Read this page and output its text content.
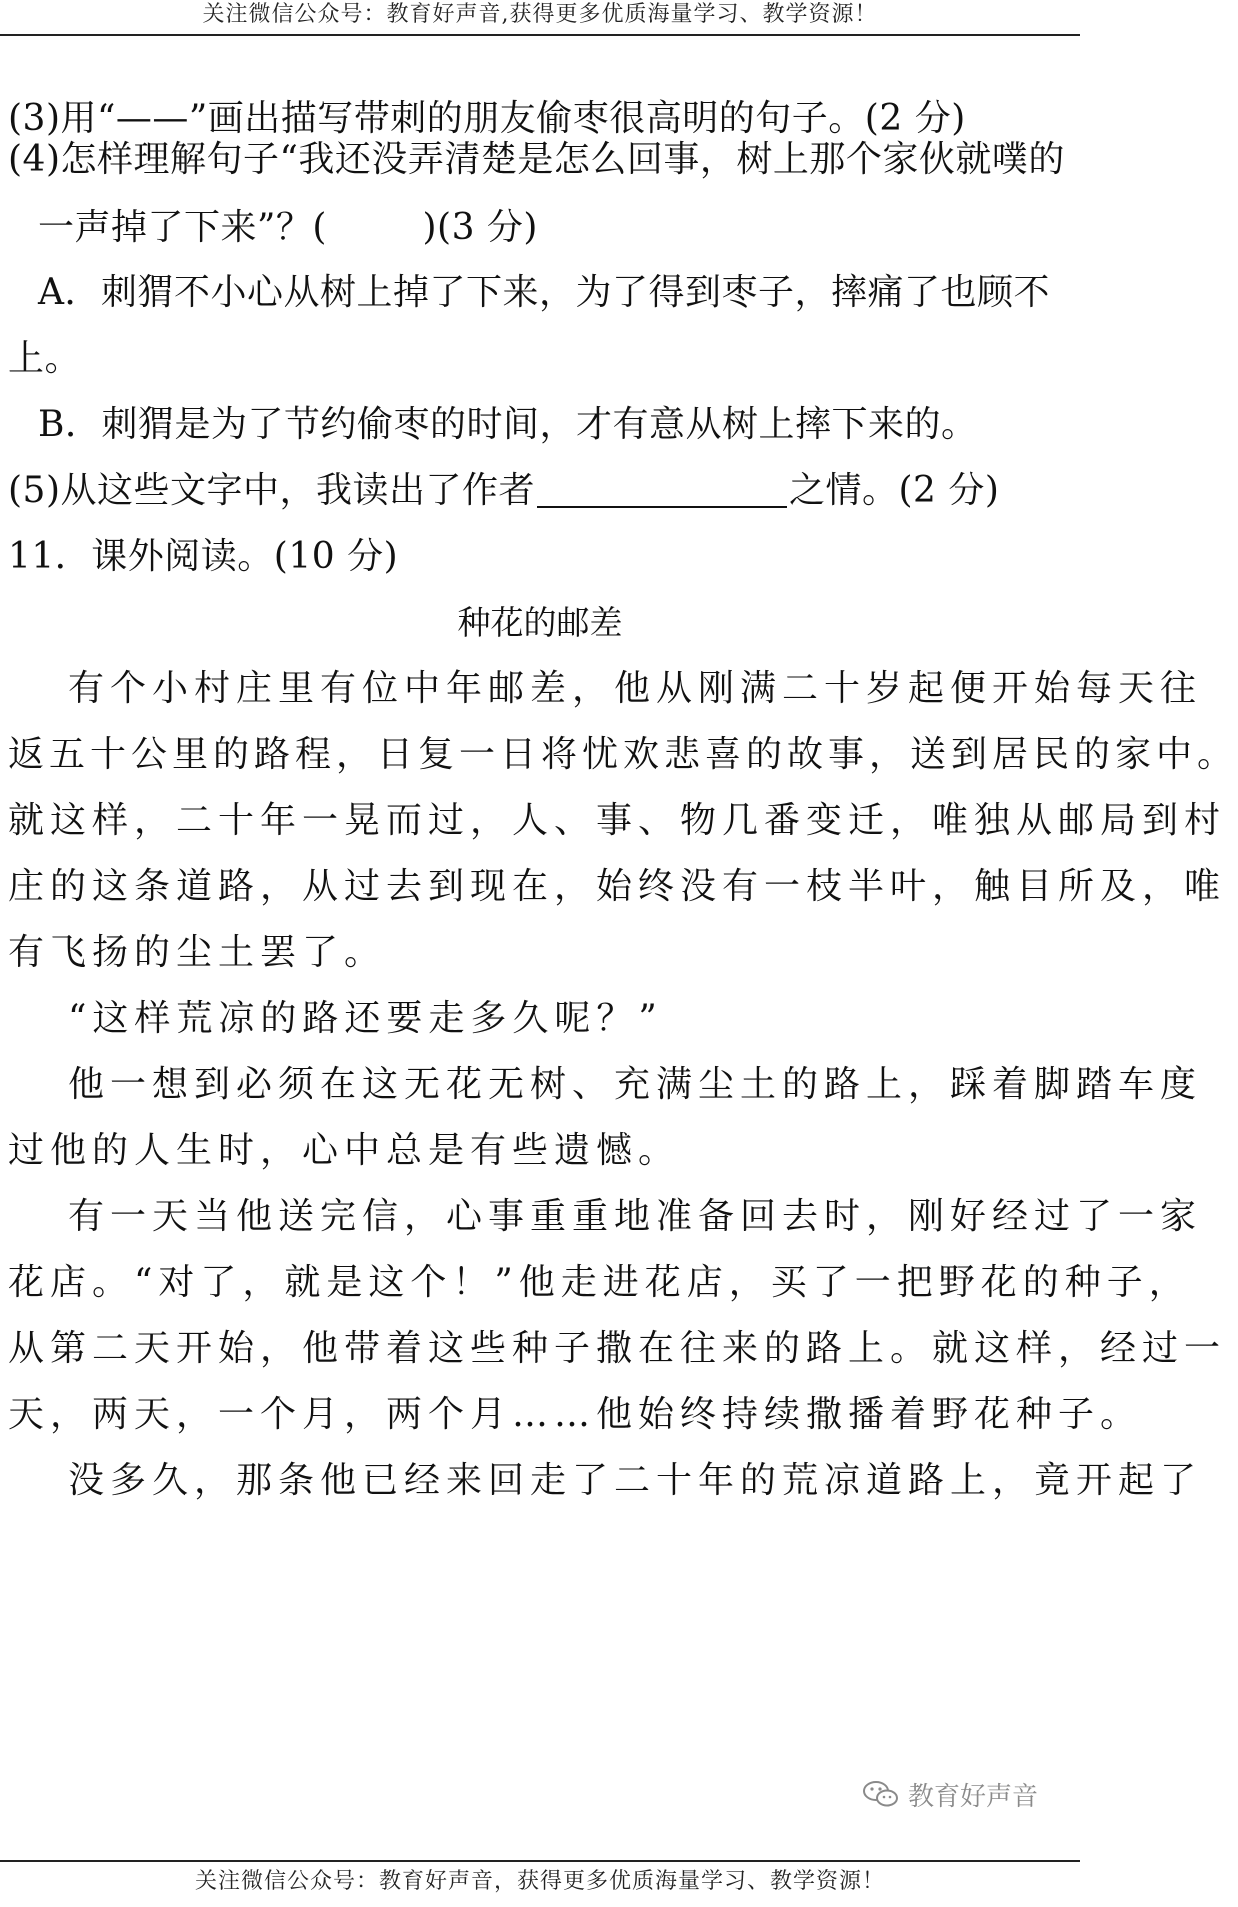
关注微信公众号：教育好声音,获得更多优质海量学习、教学资源！
(3)用“——”画出描写带刺的朋友偷枣很高明的句子。(2 分)
(4)怎样理解句子“我还没弄清楚是怎么回事，树上那个家伙就噗的
一声掉了下来”？(        )(3 分)
A．刺猬不小心从树上掉了下来，为了得到枣子，摔痛了也顾不
上。
B．刺猬是为了节约偷枣的时间，才有意从树上摔下来的。
(5)从这些文字中，我读出了作者	之情。(2 分)
11．课外阅读。(10 分)
种花的邮差
有个小村庄里有位中年邮差，他从刚满二十岁起便开始每天往
返五十公里的路程，日复一日将忧欢悲喜的故事，送到居民的家中。
就这样，二十年一晃而过，人、事、物几番变迁，唯独从邮局到村
庄的这条道路，从过去到现在，始终没有一枝半叶，触目所及，唯
有飞扬的尘土罢了。
“这样荒凉的路还要走多久呢？”
他一想到必须在这无花无树、充满尘土的路上，踩着脚踏车度
过他的人生时，心中总是有些遗憾。
有一天当他送完信，心事重重地准备回去时，刚好经过了一家
花店。“对了，就是这个！”他走进花店，买了一把野花的种子，
从第二天开始，他带着这些种子撒在往来的路上。就这样，经过一
天，两天，一个月，两个月……他始终持续撒播着野花种子。
没多久，那条他已经来回走了二十年的荒凉道路上，竟开起了
教育好声音
关注微信公众号：教育好声音，获得更多优质海量学习、教学资源！
